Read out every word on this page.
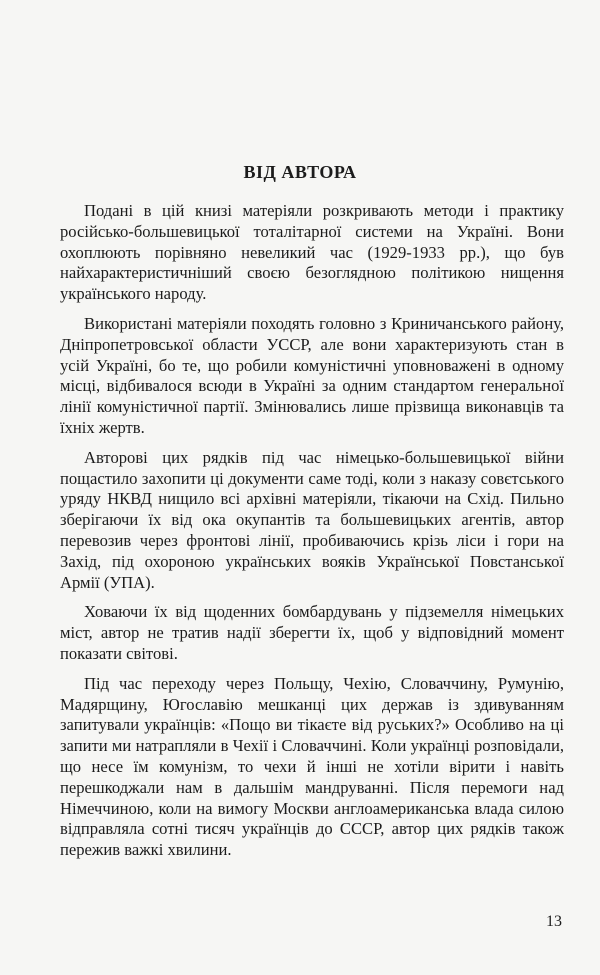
ВІД АВТОРА

Подані в цій книзі матеріяли розкривають методи і практику російсько-большевицької тоталітарної системи на Україні. Вони охоплюють порівняно невеликий час (1929-1933 рр.), що був найхарактеристичніший своєю безоглядною політикою нищення українського народу.

Використані матеріяли походять головно з Криничанського району, Дніпропетровської области УССР, але вони характеризують стан в усій Україні, бо те, що робили комуністичні уповноважені в одному місці, відбивалося всюди в Україні за одним стандартом генеральної лінії комуністичної партії. Змінювались лише прізвища виконавців та їхніх жертв.

Авторові цих рядків під час німецько-большевицької війни пощастило захопити ці документи саме тоді, коли з наказу совєтського уряду НКВД нищило всі архівні матеріяли, тікаючи на Схід. Пильно зберігаючи їх від ока окупантів та большевицьких агентів, автор перевозив через фронтові лінії, пробиваючись крізь ліси і гори на Захід, під охороною українських вояків Української Повстанської Армії (УПА).

Ховаючи їх від щоденних бомбардувань у підземелля німецьких міст, автор не тратив надії зберегти їх, щоб у відповідний момент показати світові.

Під час переходу через Польщу, Чехію, Словаччину, Румунію, Мадярщину, Югославію мешканці цих держав із здивуванням запитували українців: «Пощо ви тікаєте від руських?» Особливо на ці запити ми натрапляли в Чехії і Словаччині. Коли українці розповідали, що несе їм комунізм, то чехи й інші не хотіли вірити і навіть перешкоджали нам в дальшім мандруванні. Після перемоги над Німеччиною, коли на вимогу Москви англоамериканська влада силою відправляла сотні тисяч українців до СССР, автор цих рядків також пережив важкі хвилини.

13
